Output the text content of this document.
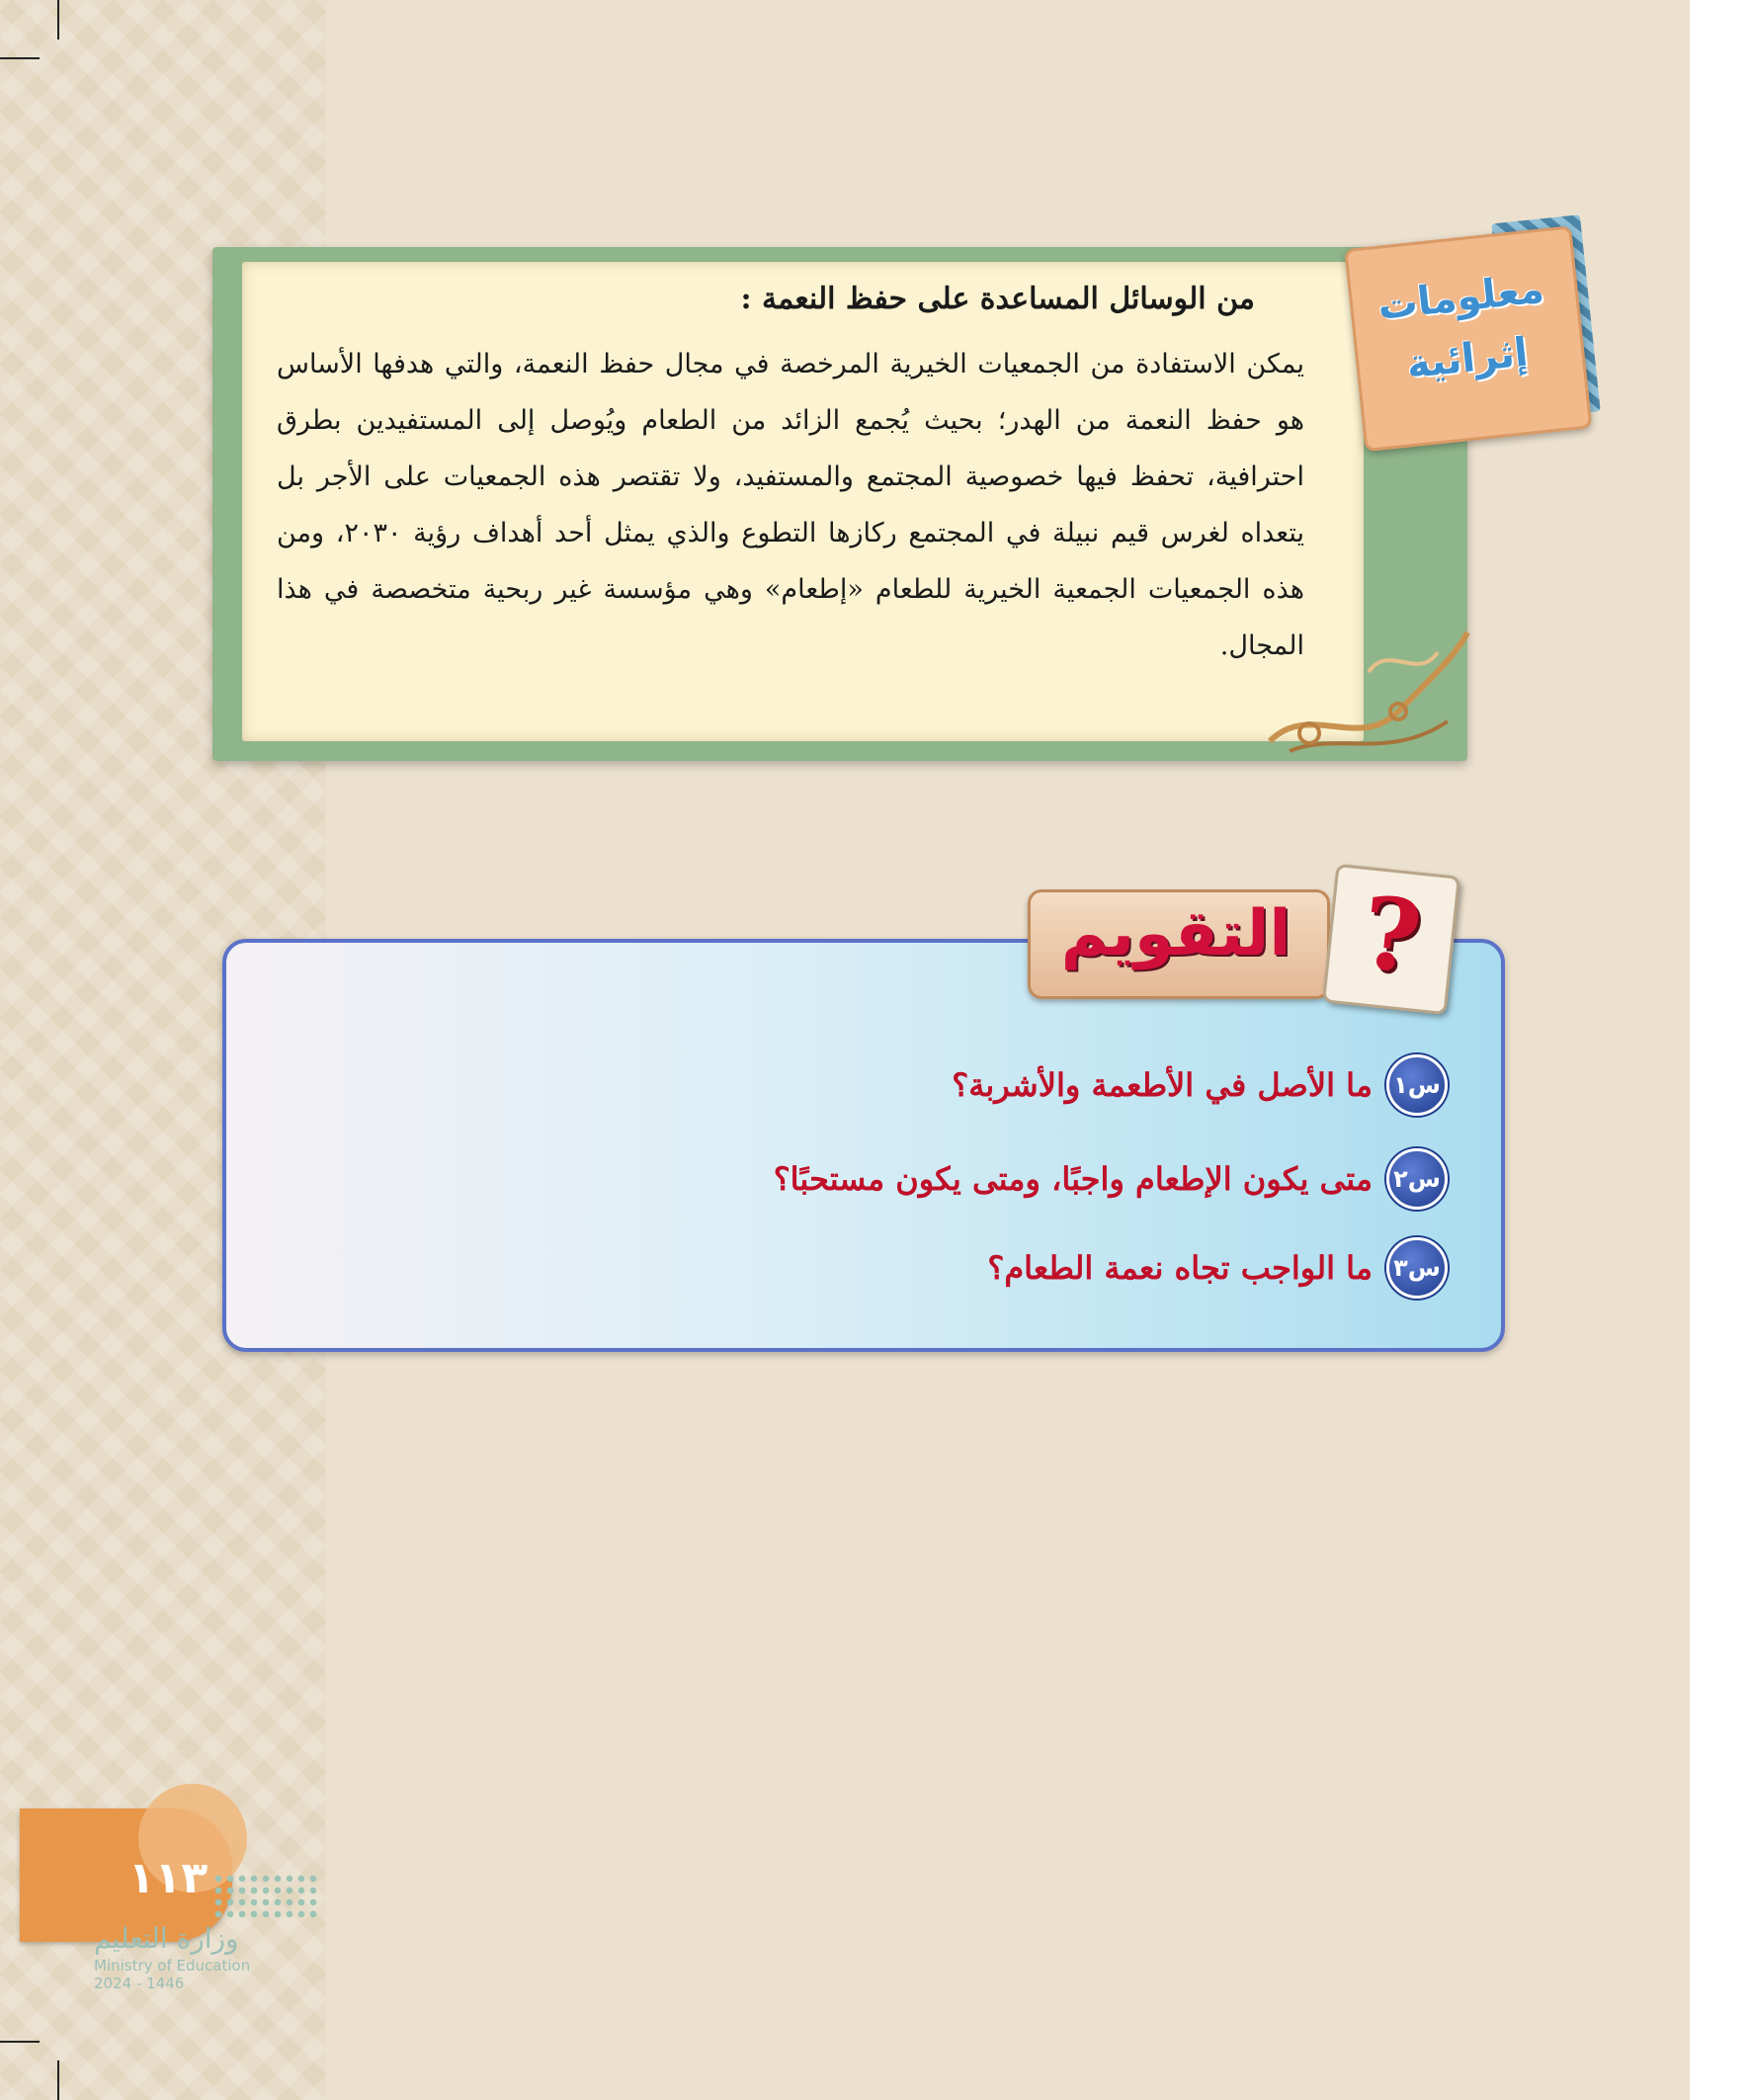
من الوسائل المساعدة على حفظ النعمة :
يمكن الاستفادة من الجمعيات الخيرية المرخصة في مجال حفظ النعمة، والتي هدفها الأساس هو حفظ النعمة من الهدر؛ بحيث يُجمع الزائد من الطعام ويُوصل إلى المستفيدين بطرق احترافية، تحفظ فيها خصوصية المجتمع والمستفيد، ولا تقتصر هذه الجمعيات على الأجر بل يتعداه لغرس قيم نبيلة في المجتمع ركازها التطوع والذي يمثل أحد أهداف رؤية ٢٠٣٠، ومن هذه الجمعيات الجمعية الخيرية للطعام «إطعام» وهي مؤسسة غير ربحية متخصصة في هذا المجال.
معلومات إثرائية
التقويم ?
س١
ما الأصل في الأطعمة والأشربة؟
س٢
متى يكون الإطعام واجبًا، ومتى يكون مستحبًا؟
س٣
ما الواجب تجاه نعمة الطعام؟
١١٣
وزارة التعليم
Ministry of Education
2024 - 1446
